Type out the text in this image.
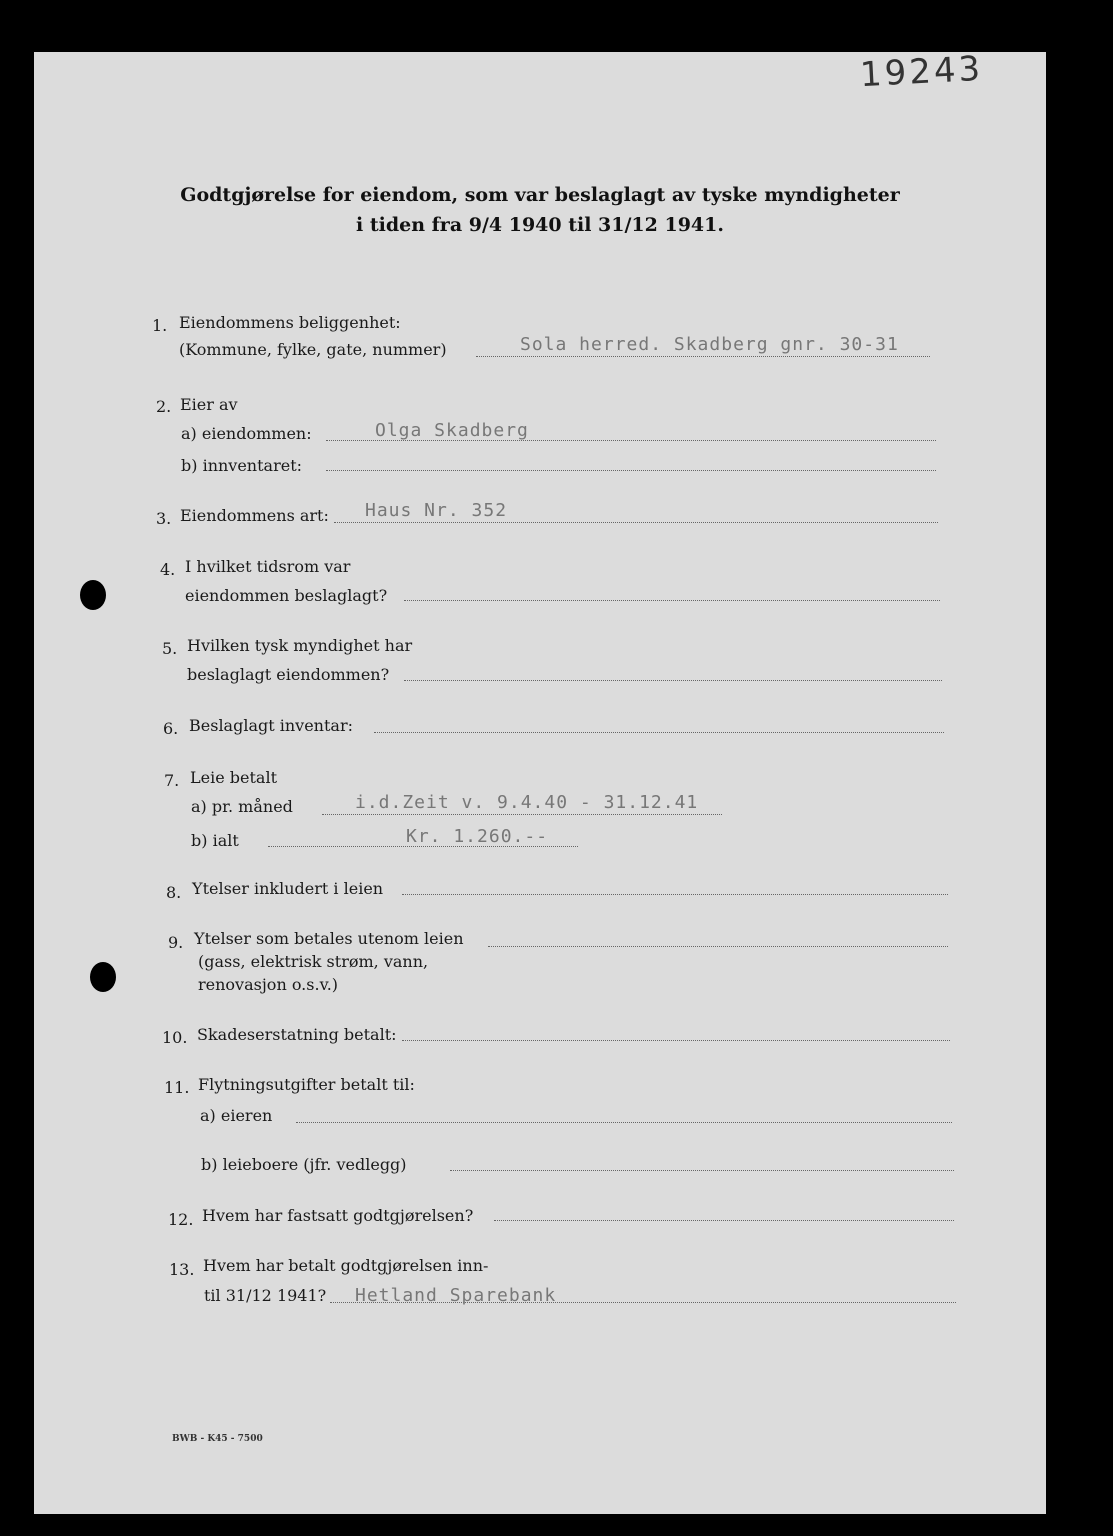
19243
Godtgjørelse for eiendom, som var beslaglagt av tyske myndigheter
i tiden fra 9/4 1940 til 31/12 1941.
1. Eiendommens beliggenhet:
(Kommune, fylke, gate, nummer)	Sola herred. Skadberg gnr. 30-31
2. Eier av
a) eiendommen:	Olga Skadberg
b) innventaret:
3. Eiendommens art: Haus Nr. 352
4. I hvilket tidsrom var
eiendommen beslaglagt?
5. Hvilken tysk myndighet har
beslaglagt eiendommen?
6. Beslaglagt inventar:
7. Leie betalt
a) pr. måned	i.d.Zeit v. 9.4.40 - 31.12.41
b) ialt	Kr. 1.260.--
8. Ytelser inkludert i leien
9. Ytelser som betales utenom leien
(gass, elektrisk strøm, vann,
renovasjon o.s.v.)
10. Skadeserstatning betalt:
11. Flytningsutgifter betalt til:
a) eieren
b) leieboere (jfr. vedlegg)
12. Hvem har fastsatt godtgjørelsen?
13. Hvem har betalt godtgjørelsen inn-
til 31/12 1941? Hetland Sparebank
BWB - K45 - 7500
